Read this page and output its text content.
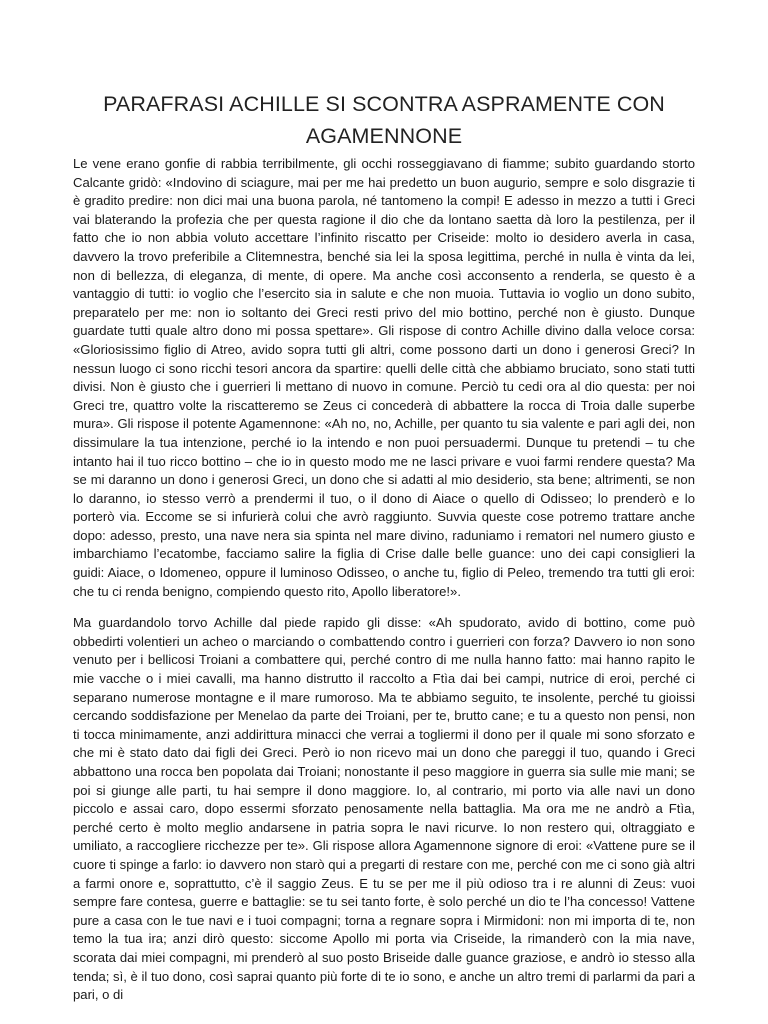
PARAFRASI ACHILLE SI SCONTRA ASPRAMENTE CON AGAMENNONE

Le vene erano gonfie di rabbia terribilmente, gli occhi rosseggiavano di fiamme; subito guardando storto Calcante gridò: «Indovino di sciagure, mai per me hai predetto un buon augurio, sempre e solo disgrazie ti è gradito predire: non dici mai una buona parola, né tantomeno la compi! E adesso in mezzo a tutti i Greci vai blaterando la profezia che per questa ragione il dio che da lontano saetta dà loro la pestilenza, per il fatto che io non abbia voluto accettare l’infinito riscatto per Criseide: molto io desidero averla in casa, davvero la trovo preferibile a Clitemnestra, benché sia lei la sposa legittima, perché in nulla è vinta da lei, non di bellezza, di eleganza, di mente, di opere. Ma anche così acconsento a renderla, se questo è a vantaggio di tutti: io voglio che l’esercito sia in salute e che non muoia. Tuttavia io voglio un dono subito, preparatelo per me: non io soltanto dei Greci resti privo del mio bottino, perché non è giusto. Dunque guardate tutti quale altro dono mi possa spettare». Gli rispose di contro Achille divino dalla veloce corsa: «Gloriosissimo figlio di Atreo, avido sopra tutti gli altri, come possono darti un dono i generosi Greci? In nessun luogo ci sono ricchi tesori ancora da spartire: quelli delle città che abbiamo bruciato, sono stati tutti divisi. Non è giusto che i guerrieri li mettano di nuovo in comune. Perciò tu cedi ora al dio questa: per noi Greci tre, quattro volte la riscatteremo se Zeus ci concederà di abbattere la rocca di Troia dalle superbe mura». Gli rispose il potente Agamennone: «Ah no, no, Achille, per quanto tu sia valente e pari agli dei, non dissimulare la tua intenzione, perché io la intendo e non puoi persuadermi. Dunque tu pretendi – tu che intanto hai il tuo ricco bottino – che io in questo modo me ne lasci privare e vuoi farmi rendere questa? Ma se mi daranno un dono i generosi Greci, un dono che si adatti al mio desiderio, sta bene; altrimenti, se non lo daranno, io stesso verrò a prendermi il tuo, o il dono di Aiace o quello di Odisseo; lo prenderò e lo porterò via. Eccome se si infurierà colui che avrò raggiunto. Suvvia queste cose potremo trattare anche dopo: adesso, presto, una nave nera sia spinta nel mare divino, raduniamo i rematori nel numero giusto e imbarchiamo l’ecatombe, facciamo salire la figlia di Crise dalle belle guance: uno dei capi consiglieri la guidi: Aiace, o Idomeneo, oppure il luminoso Odisseo, o anche tu, figlio di Peleo, tremendo tra tutti gli eroi: che tu ci renda benigno, compiendo questo rito, Apollo liberatore!».

Ma guardandolo torvo Achille dal piede rapido gli disse: «Ah spudorato, avido di bottino, come può obbedirti volentieri un acheo o marciando o combattendo contro i guerrieri con forza? Davvero io non sono venuto per i bellicosi Troiani a combattere qui, perché contro di me nulla hanno fatto: mai hanno rapito le mie vacche o i miei cavalli, ma hanno distrutto il raccolto a Ftìa dai bei campi, nutrice di eroi, perché ci separano numerose montagne e il mare rumoroso. Ma te abbiamo seguito, te insolente, perché tu gioissi cercando soddisfazione per Menelao da parte dei Troiani, per te, brutto cane; e tu a questo non pensi, non ti tocca minimamente, anzi addirittura minacci che verrai a togliermi il dono per il quale mi sono sforzato e che mi è stato dato dai figli dei Greci. Però io non ricevo mai un dono che pareggi il tuo, quando i Greci abbattono una rocca ben popolata dai Troiani; nonostante il peso maggiore in guerra sia sulle mie mani; se poi si giunge alle parti, tu hai sempre il dono maggiore. Io, al contrario, mi porto via alle navi un dono piccolo e assai caro, dopo essermi sforzato penosamente nella battaglia. Ma ora me ne andrò a Ftìa, perché certo è molto meglio andarsene in patria sopra le navi ricurve. Io non restero qui, oltraggiato e umiliato, a raccogliere ricchezze per te». Gli rispose allora Agamennone signore di eroi: «Vattene pure se il cuore ti spinge a farlo: io davvero non starò qui a pregarti di restare con me, perché con me ci sono già altri a farmi onore e, soprattutto, c’è il saggio Zeus. E tu se per me il più odioso tra i re alunni di Zeus: vuoi sempre fare contesa, guerre e battaglie: se tu sei tanto forte, è solo perché un dio te l’ha concesso! Vattene pure a casa con le tue navi e i tuoi compagni; torna a regnare sopra i Mirmidoni: non mi importa di te, non temo la tua ira; anzi dirò questo: siccome Apollo mi porta via Criseide, la rimanderò con la mia nave, scorata dai miei compagni, mi prenderò al suo posto Briseide dalle guance graziose, e andrò io stesso alla tenda; sì, è il tuo dono, così saprai quanto più forte di te io sono, e anche un altro tremi di parlarmi da pari a pari, o di
